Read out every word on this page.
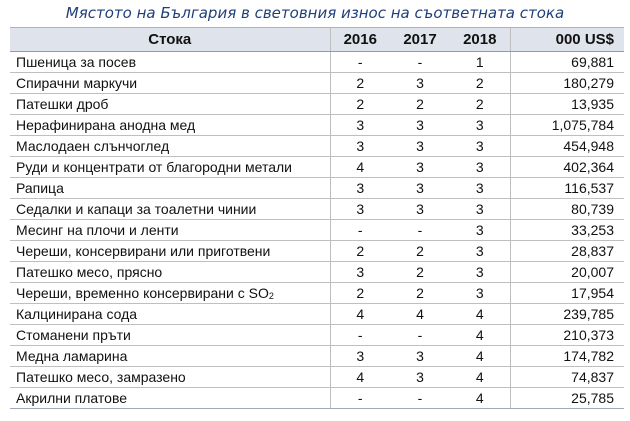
Мястото на България в световния износ на съответната стока
Стока	2016	2017	2018	000 US$
Пшеница за посев	-	-	1	69,881
Спирачни маркучи	2	3	2	180,279
Патешки дроб	2	2	2	13,935
Нерафинирана анодна мед	3	3	3	1,075,784
Маслодаен слънчоглед	3	3	3	454,948
Руди и концентрати от благородни метали	4	3	3	402,364
Рапица	3	3	3	116,537
Седалки и капаци за тоалетни чинии	3	3	3	80,739
Месинг на плочи и ленти	-	-	3	33,253
Череши, консервирани или приготвени	2	2	3	28,837
Патешко месо, прясно	3	2	3	20,007
Череши, временно консервирани с $SO_2$	2	2	3	17,954
Калцинирана сода	4	4	4	239,785
Стоманени пръти	-	-	4	210,373
Медна ламарина	3	3	4	174,782
Патешко месо, замразено	4	3	4	74,837
Акрилни платове	-	-	4	25,785
